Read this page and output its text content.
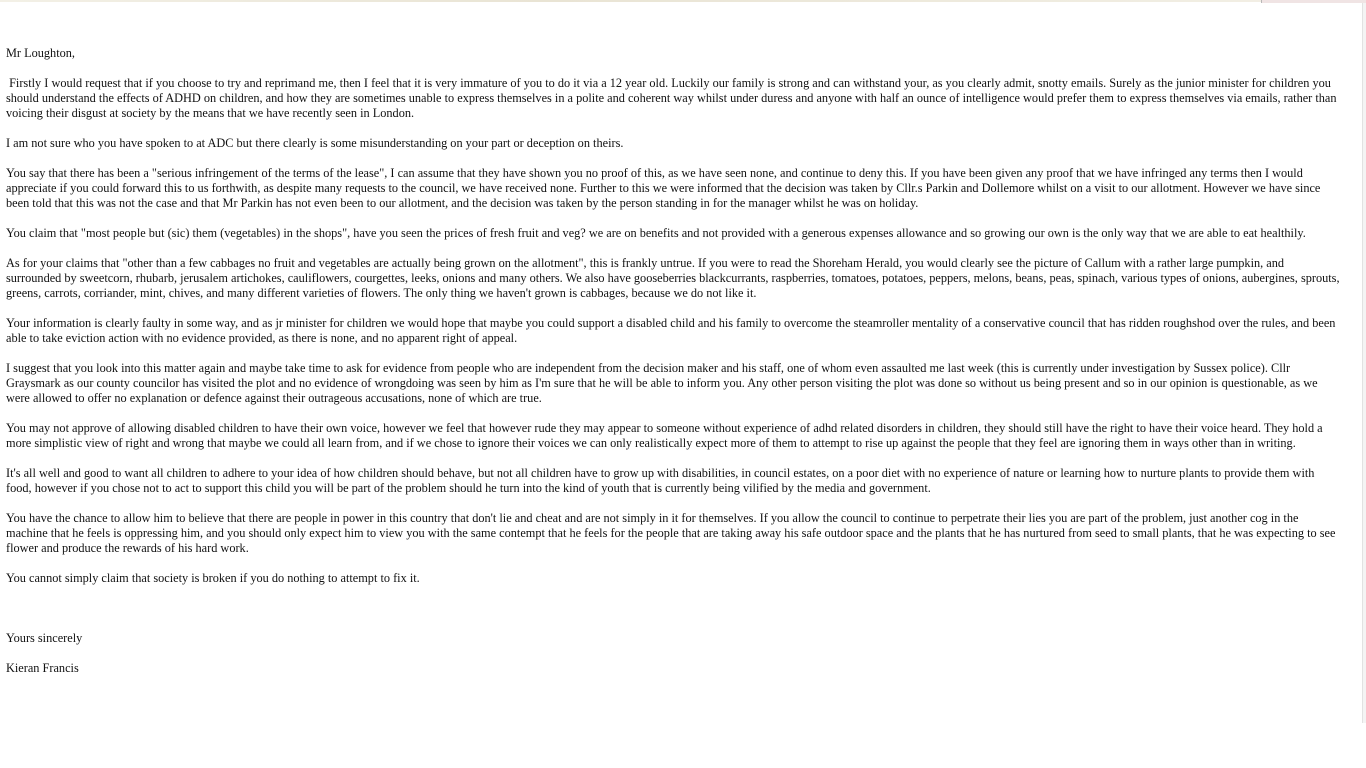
Mr Loughton,

Firstly I would request that if you choose to try and reprimand me, then I feel that it is very immature of you to do it via a 12 year old. Luckily our family is strong and can withstand your, as you clearly admit, snotty emails. Surely as the junior minister for children you should understand the effects of ADHD on children, and how they are sometimes unable to express themselves in a polite and coherent way whilst under duress and anyone with half an ounce of intelligence would prefer them to express themselves via emails, rather than voicing their disgust at society by the means that we have recently seen in London.

I am not sure who you have spoken to at ADC but there clearly is some misunderstanding on your part or deception on theirs.

You say that there has been a "serious infringement of the terms of the lease", I can assume that they have shown you no proof of this, as we have seen none, and continue to deny this. If you have been given any proof that we have infringed any terms then I would appreciate if you could forward this to us forthwith, as despite many requests to the council, we have received none. Further to this we were informed that the decision was taken by Cllr.s Parkin and Dollemore whilst on a visit to our allotment. However we have since been told that this was not the case and that Mr Parkin has not even been to our allotment, and the decision was taken by the person standing in for the manager whilst he was on holiday.

You claim that "most people but (sic) them (vegetables) in the shops", have you seen the prices of fresh fruit and veg? we are on benefits and not provided with a generous expenses allowance and so growing our own is the only way that we are able to eat healthily.

As for your claims that "other than a few cabbages no fruit and vegetables are actually being grown on the allotment", this is frankly untrue. If you were to read the Shoreham Herald, you would clearly see the picture of Callum with a rather large pumpkin, and surrounded by sweetcorn, rhubarb, jerusalem artichokes, cauliflowers, courgettes, leeks, onions and many others. We also have gooseberries blackcurrants, raspberries, tomatoes, potatoes, peppers, melons, beans, peas, spinach, various types of onions, aubergines, sprouts, greens, carrots, corriander, mint, chives, and many different varieties of flowers. The only thing we haven't grown is cabbages, because we do not like it.

Your information is clearly faulty in some way, and as jr minister for children we would hope that maybe you could support a disabled child and his family to overcome the steamroller mentality of a conservative council that has ridden roughshod over the rules, and been able to take eviction action with no evidence provided, as there is none, and no apparent right of appeal.

I suggest that you look into this matter again and maybe take time to ask for evidence from people who are independent from the decision maker and his staff, one of whom even assaulted me last week (this is currently under investigation by Sussex police). Cllr Graysmark as our county councilor has visited the plot and no evidence of wrongdoing was seen by him as I'm sure that he will be able to inform you. Any other person visiting the plot was done so without us being present and so in our opinion is questionable, as we were allowed to offer no explanation or defence against their outrageous accusations, none of which are true.

You may not approve of allowing disabled children to have their own voice, however we feel that however rude they may appear to someone without experience of adhd related disorders in children, they should still have the right to have their voice heard. They hold a more simplistic view of right and wrong that maybe we could all learn from, and if we chose to ignore their voices we can only realistically expect more of them to attempt to rise up against the people that they feel are ignoring them in ways other than in writing.

It's all well and good to want all children to adhere to your idea of how children should behave, but not all children have to grow up with disabilities, in council estates, on a poor diet with no experience of nature or learning how to nurture plants to provide them with food, however if you chose not to act to support this child you will be part of the problem should he turn into the kind of youth that is currently being vilified by the media and government.

You have the chance to allow him to believe that there are people in power in this country that don't lie and cheat and are not simply in it for themselves. If you allow the council to continue to perpetrate their lies you are part of the problem, just another cog in the machine that he feels is oppressing him, and you should only expect him to view you with the same contempt that he feels for the people that are taking away his safe outdoor space and the plants that he has nurtured from seed to small plants, that he was expecting to see flower and produce the rewards of his hard work.

You cannot simply claim that society is broken if you do nothing to attempt to fix it.

Yours sincerely

Kieran Francis
